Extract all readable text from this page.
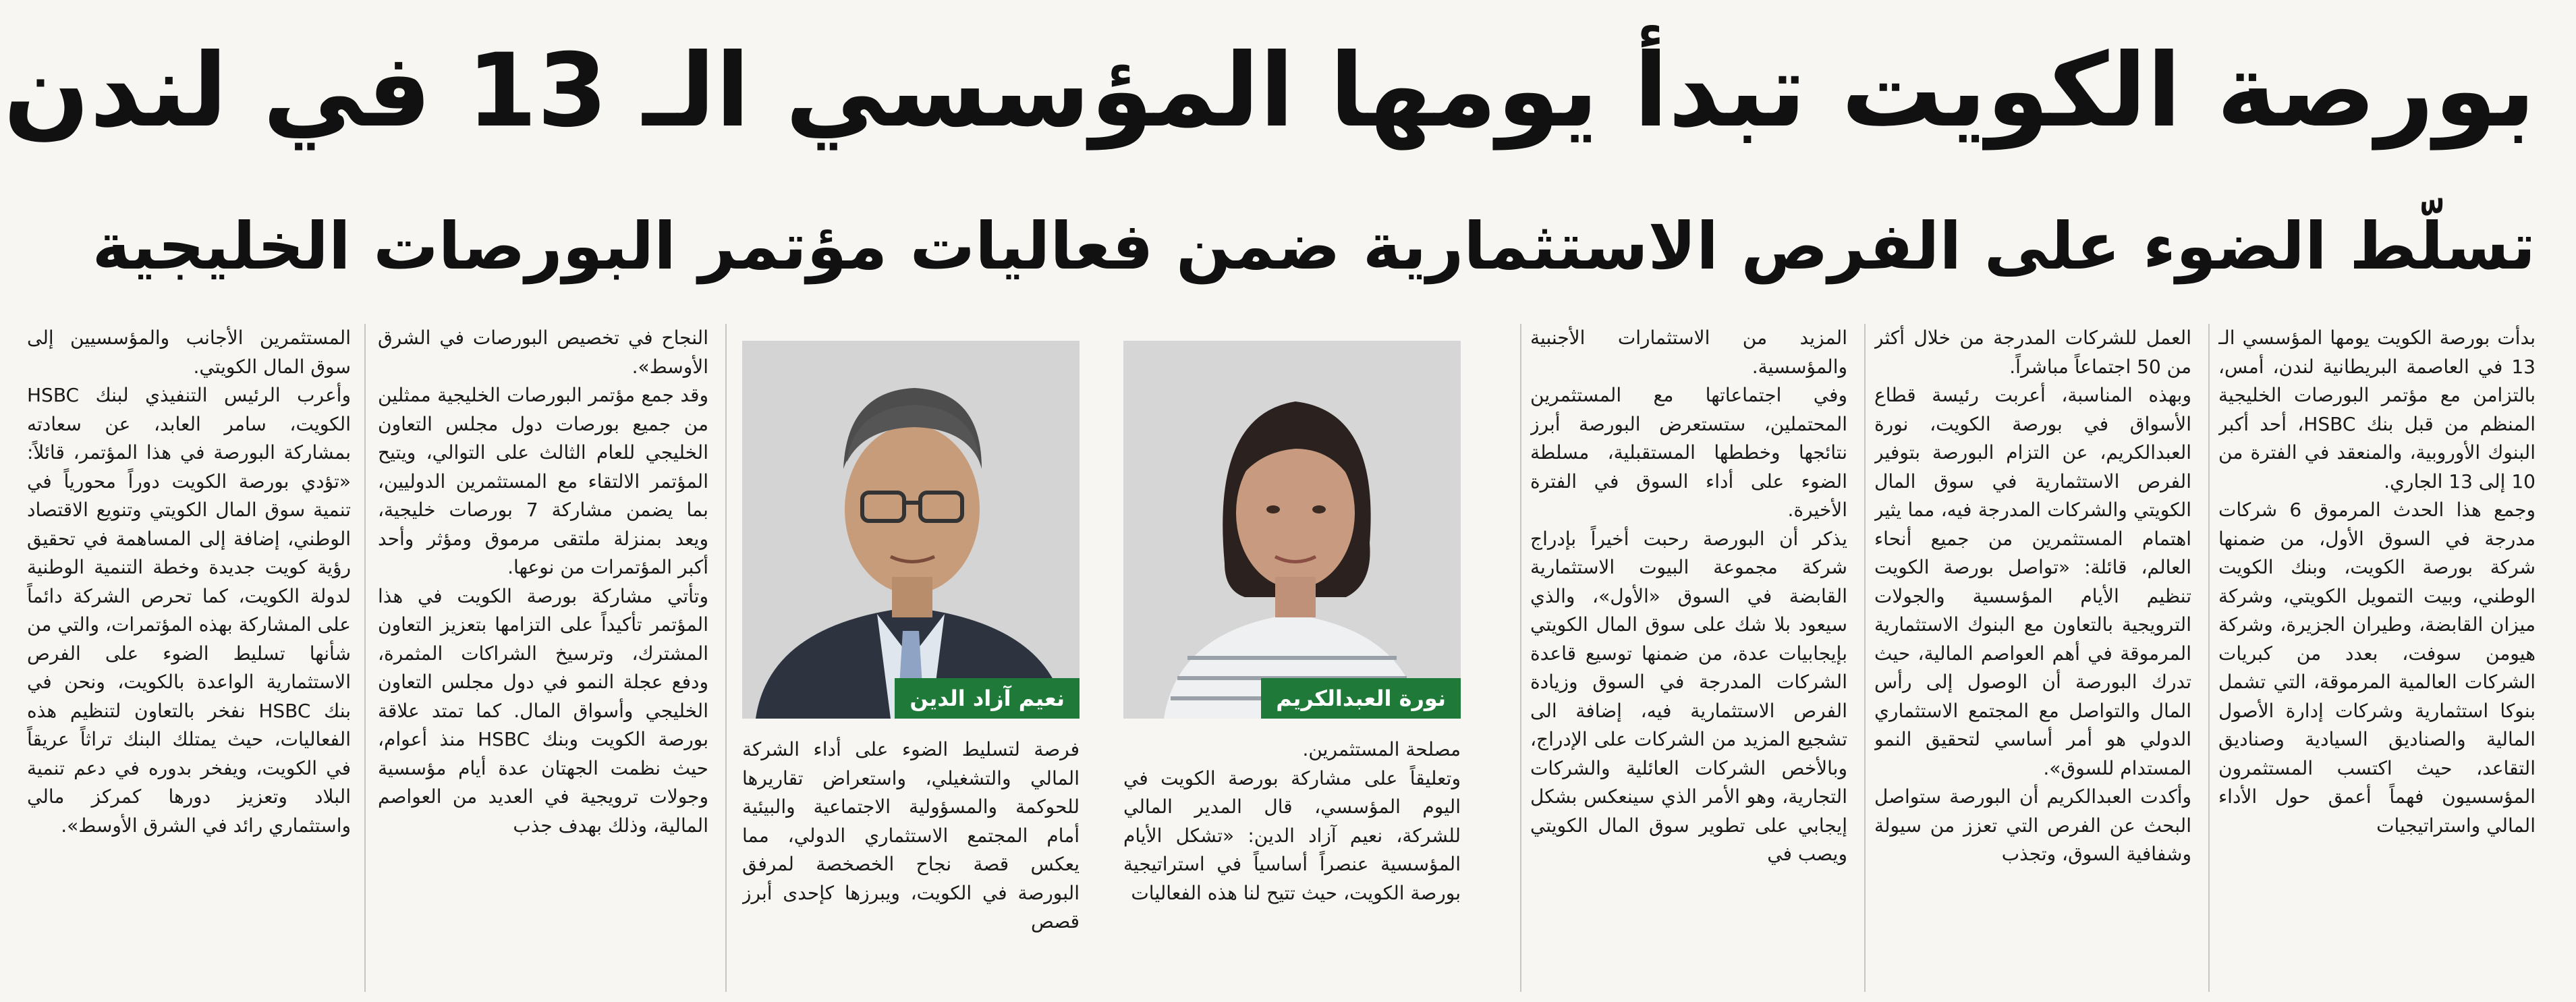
بورصة الكويت تبدأ يومها المؤسسي الـ 13 في لندن
تسلّط الضوء على الفرص الاستثمارية ضمن فعاليات مؤتمر البورصات الخليجية

بدأت بورصة الكويت يومها المؤسسي الـ 13 في العاصمة البريطانية لندن، أمس، بالتزامن مع مؤتمر البورصات الخليجية المنظم من قبل بنك HSBC، أحد أكبر البنوك الأوروبية، والمنعقد في الفترة من 10 إلى 13 الجاري.

وجمع هذا الحدث المرموق 6 شركات مدرجة في السوق الأول، من ضمنها شركة بورصة الكويت، وبنك الكويت الوطني، وبيت التمويل الكويتي، وشركة ميزان القابضة، وطيران الجزيرة، وشركة هيومن سوفت، بعدد من كبريات الشركات العالمية المرموقة، التي تشمل بنوكا استثمارية وشركات إدارة الأصول المالية والصناديق السيادية وصناديق التقاعد، حيث اكتسب المستثمرون المؤسسيون فهماً أعمق حول الأداء المالي واستراتيجيات

العمل للشركات المدرجة من خلال أكثر من 50 اجتماعاً مباشراً.

وبهذه المناسبة، أعربت رئيسة قطاع الأسواق في بورصة الكويت، نورة العبدالكريم، عن التزام البورصة بتوفير الفرص الاستثمارية في سوق المال الكويتي والشركات المدرجة فيه، مما يثير اهتمام المستثمرين من جميع أنحاء العالم، قائلة: «تواصل بورصة الكويت تنظيم الأيام المؤسسية والجولات الترويجية بالتعاون مع البنوك الاستثمارية المرموقة في أهم العواصم المالية، حيث تدرك البورصة أن الوصول إلى رأس المال والتواصل مع المجتمع الاستثماري الدولي هو أمر أساسي لتحقيق النمو المستدام للسوق».

وأكدت العبدالكريم أن البورصة ستواصل البحث عن الفرص التي تعزز من سيولة وشفافية السوق، وتجذب

المزيد من الاستثمارات الأجنبية والمؤسسية.

وفي اجتماعاتها مع المستثمرين المحتملين، ستستعرض البورصة أبرز نتائجها وخططها المستقبلية، مسلطة الضوء على أداء السوق في الفترة الأخيرة.

يذكر أن البورصة رحبت أخيراً بإدراج شركة مجموعة البيوت الاستثمارية القابضة في السوق «الأول»، والذي سيعود بلا شك على سوق المال الكويتي بإيجابيات عدة، من ضمنها توسيع قاعدة الشركات المدرجة في السوق وزيادة الفرص الاستثمارية فيه، إضافة الى تشجيع المزيد من الشركات على الإدراج، وبالأخص الشركات العائلية والشركات التجارية، وهو الأمر الذي سينعكس بشكل إيجابي على تطوير سوق المال الكويتي ويصب في

نورة العبدالكريم
نعيم آزاد الدين

مصلحة المستثمرين.

وتعليقاً على مشاركة بورصة الكويت في اليوم المؤسسي، قال المدير المالي للشركة، نعيم آزاد الدين: «تشكل الأيام المؤسسية عنصراً أساسياً في استراتيجية بورصة الكويت، حيث تتيح لنا هذه الفعاليات

فرصة لتسليط الضوء على أداء الشركة المالي والتشغيلي، واستعراض تقاريرها للحوكمة والمسؤولية الاجتماعية والبيئية أمام المجتمع الاستثماري الدولي، مما يعكس قصة نجاح الخصخصة لمرفق البورصة في الكويت، ويبرزها كإحدى أبرز قصص

النجاح في تخصيص البورصات في الشرق الأوسط».

وقد جمع مؤتمر البورصات الخليجية ممثلين من جميع بورصات دول مجلس التعاون الخليجي للعام الثالث على التوالي، ويتيح المؤتمر الالتقاء مع المستثمرين الدوليين، بما يضمن مشاركة 7 بورصات خليجية، ويعد بمنزلة ملتقى مرموق ومؤثر وأحد أكبر المؤتمرات من نوعها.

وتأتي مشاركة بورصة الكويت في هذا المؤتمر تأكيداً على التزامها بتعزيز التعاون المشترك، وترسيخ الشراكات المثمرة، ودفع عجلة النمو في دول مجلس التعاون الخليجي وأسواق المال. كما تمتد علاقة بورصة الكويت وبنك HSBC منذ أعوام، حيث نظمت الجهتان عدة أيام مؤسسية وجولات ترويجية في العديد من العواصم المالية، وذلك بهدف جذب

المستثمرين الأجانب والمؤسسيين إلى سوق المال الكويتي.

وأعرب الرئيس التنفيذي لبنك HSBC الكويت، سامر العابد، عن سعادته بمشاركة البورصة في هذا المؤتمر، قائلاً: «تؤدي بورصة الكويت دوراً محورياً في تنمية سوق المال الكويتي وتنويع الاقتصاد الوطني، إضافة إلى المساهمة في تحقيق رؤية كويت جديدة وخطة التنمية الوطنية لدولة الكويت، كما تحرص الشركة دائماً على المشاركة بهذه المؤتمرات، والتي من شأنها تسليط الضوء على الفرص الاستثمارية الواعدة بالكويت، ونحن في بنك HSBC نفخر بالتعاون لتنظيم هذه الفعاليات، حيث يمتلك البنك تراثاً عريقاً في الكويت، ويفخر بدوره في دعم تنمية البلاد وتعزيز دورها كمركز مالي واستثماري رائد في الشرق الأوسط».
